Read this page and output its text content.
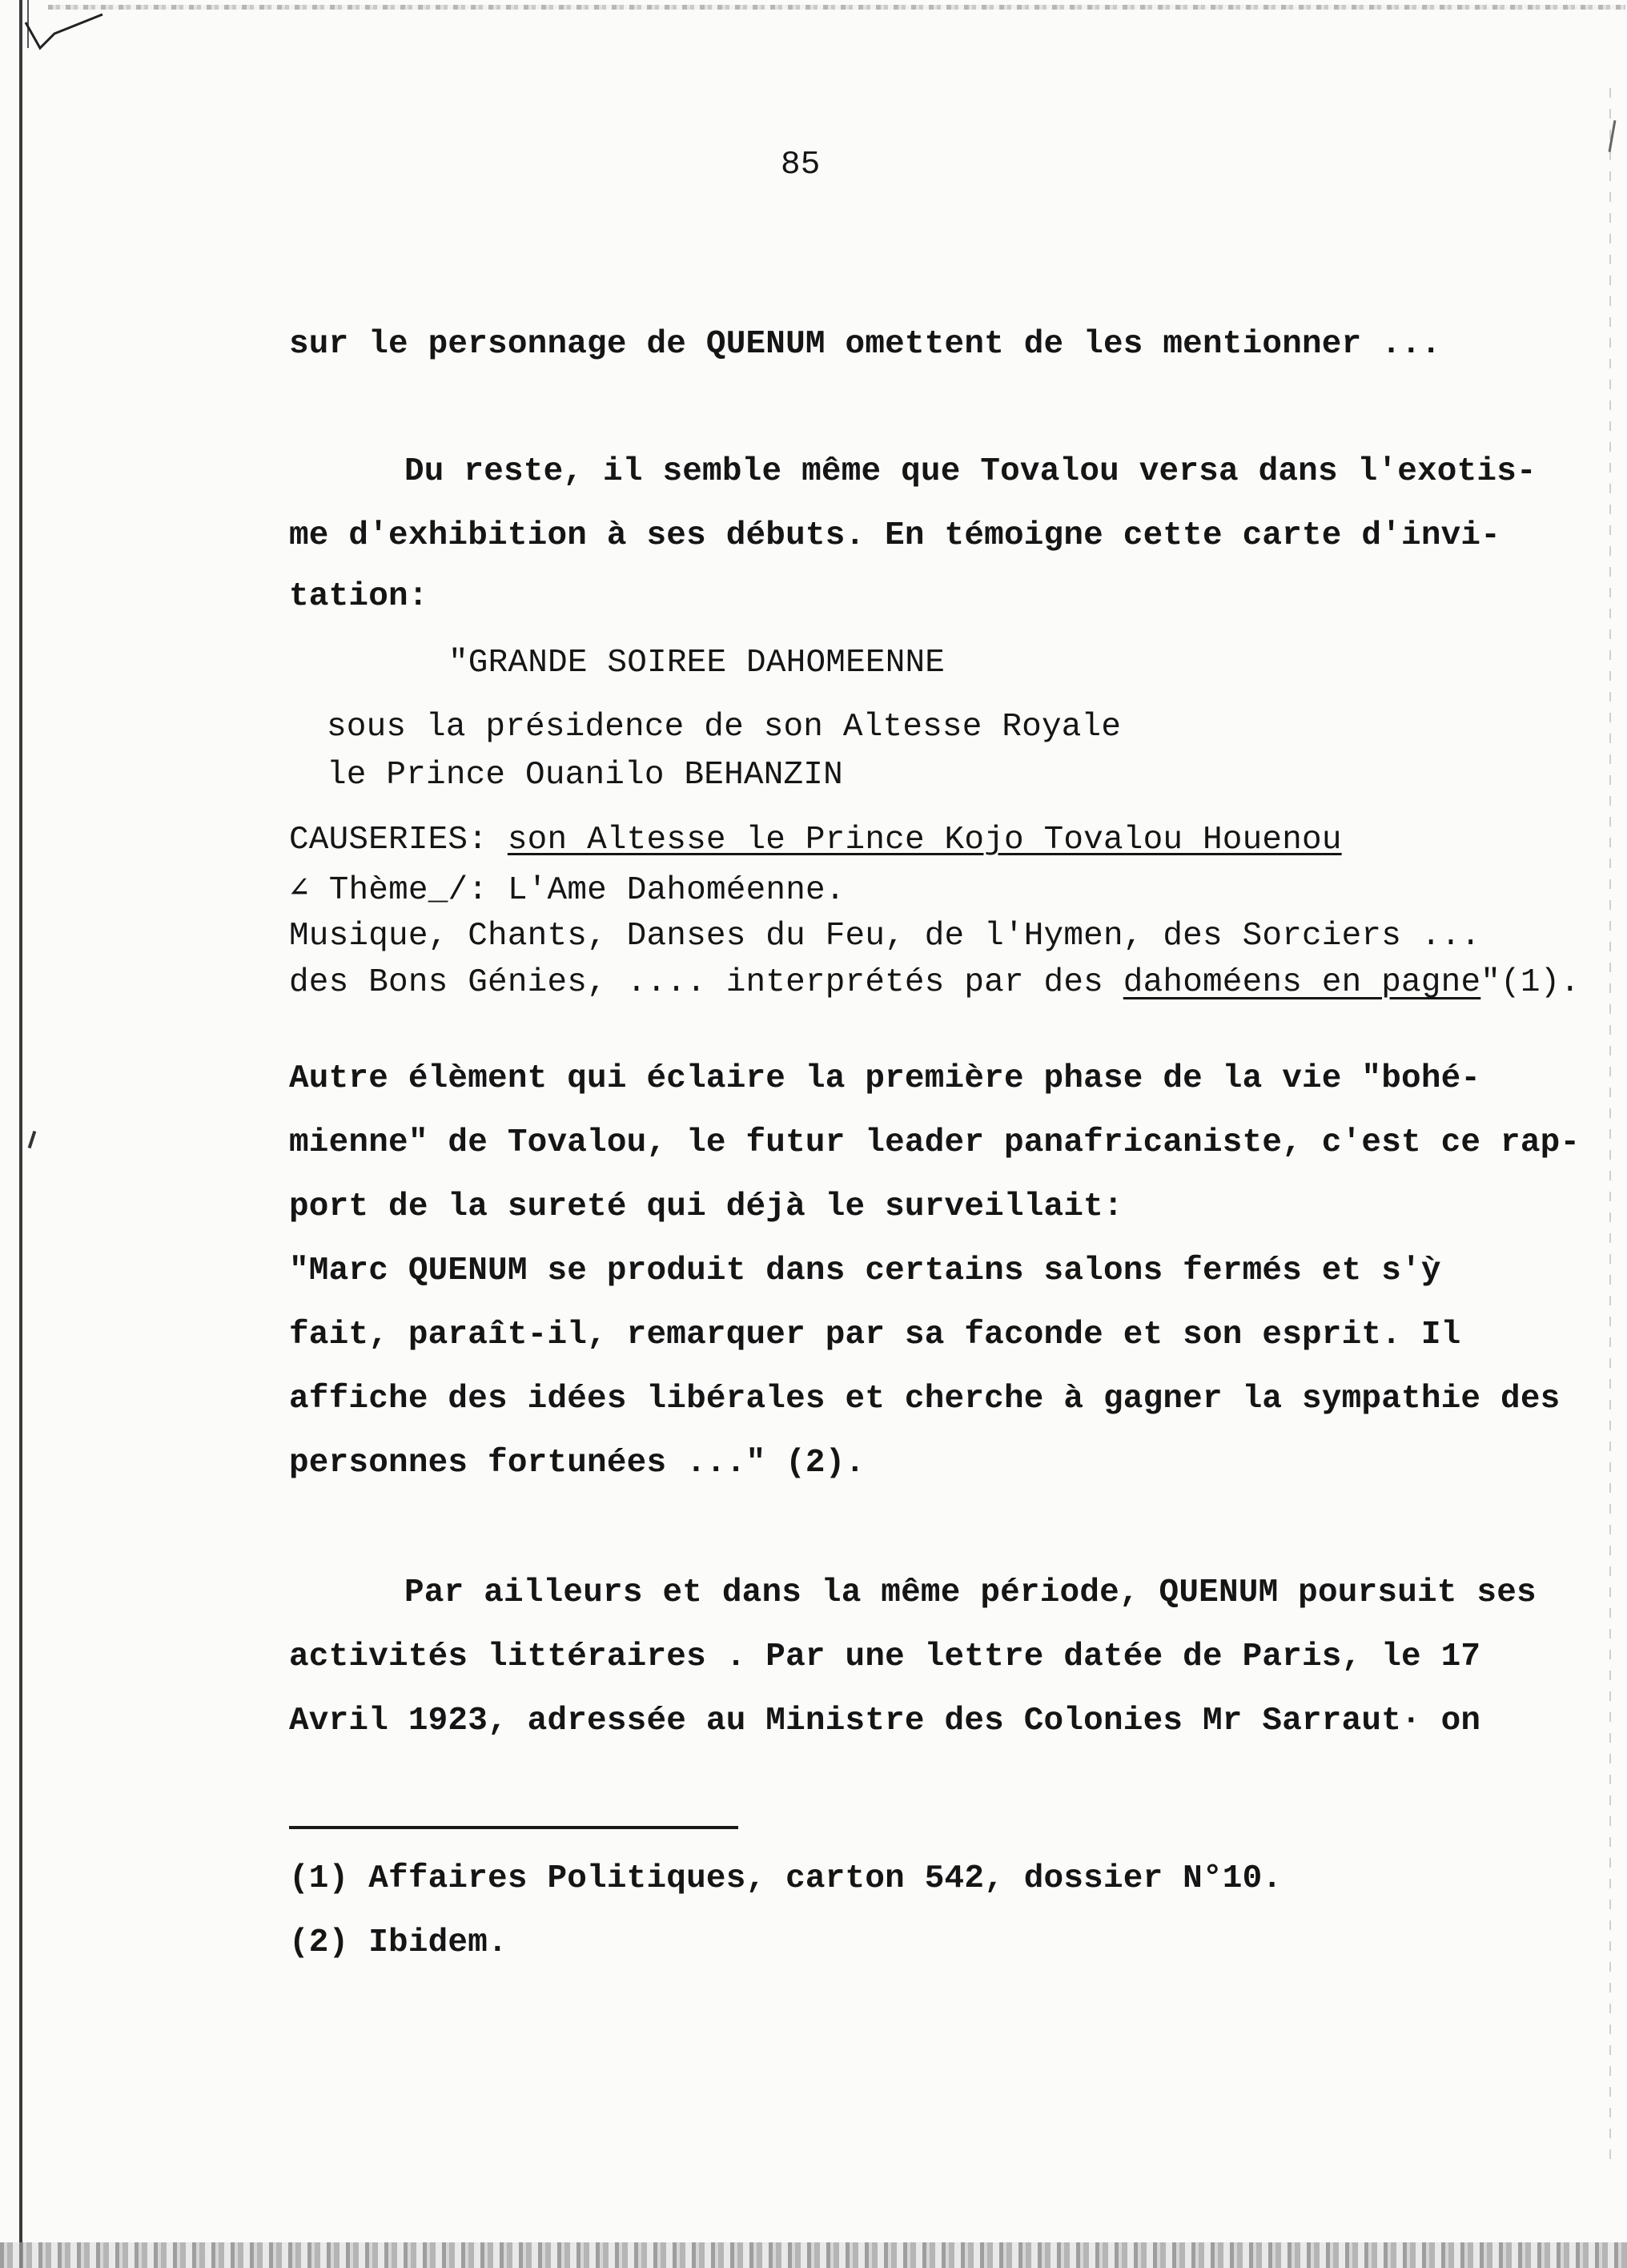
85
sur le personnage de QUENUM omettent de les mentionner ...
Du reste, il semble même que Tovalou versa dans l'exotis-
me d'exhibition à ses débuts. En témoigne cette carte d'invi-
tation:
"GRANDE SOIREE DAHOMEENNE
sous la présidence de son Altesse Royale
le Prince Ouanilo BEHANZIN
CAUSERIES: son Altesse le Prince Kojo Tovalou Houenou
∠ Thème_/: L'Ame Dahoméenne.
Musique, Chants, Danses du Feu, de l'Hymen, des Sorciers ...
des Bons Génies, .... interprétés par des dahoméens en pagne"(1).
Autre élèment qui éclaire la première phase de la vie "bohé-
mienne" de Tovalou, le futur leader panafricaniste, c'est ce rap-
port de la sureté qui déjà le surveillait:
"Marc QUENUM se produit dans certains salons fermés et s'ỳ
fait, paraît-il, remarquer par sa faconde et son esprit. Il
affiche des idées libérales et cherche à gagner la sympathie des
personnes fortunées ..." (2).
Par ailleurs et dans la même période, QUENUM poursuit ses
activités littéraires . Par une lettre datée de Paris, le 17
Avril 1923, adressée au Ministre des Colonies Mr Sarraut· on
(1) Affaires Politiques, carton 542, dossier N°10.
(2) Ibidem.
